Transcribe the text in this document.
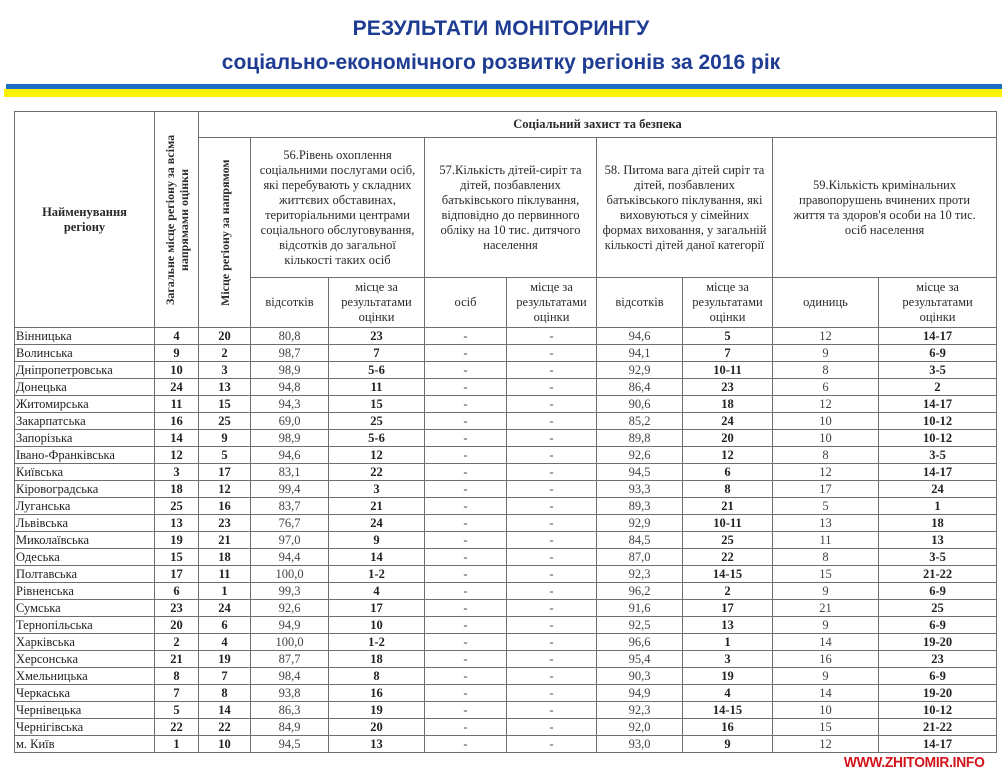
РЕЗУЛЬТАТИ МОНІТОРИНГУ
соціально-економічного розвитку регіонів за 2016 рік
Найменування регіону	Загальне місце регіону за всіма напрямами оцінки	Соціальний захист та безпека								

		Місце регіону за напрямом	56.Рівень охоплення соціальними послугами осіб, які перебувають у складних життєвих обставинах, територіальними центрами соціального обслуговування, відсотків до загальної кількості таких осіб		57.Кількість дітей-сиріт та дітей, позбавлених батьківського піклування, відповідно до первинного обліку на 10 тис. дитячого населення		58. Питома вага дітей сиріт та дітей, позбавлених батьківського піклування, які виховуються у сімейних формах виховання, у загальній кількості дітей даної категорії		59.Кількість кримінальних правопорушень вчинених проти життя та здоров'я особи на 10 тис. осіб населення	
			відсотків	місце за результатами оцінки	осіб	місце за результатами оцінки	відсотків	місце за результатами оцінки	одиниць	місце за результатами оцінки
Вінницька	4	20	80,8	23	-	-	94,6	5	12	14-17
Волинська	9	2	98,7	7	-	-	94,1	7	9	6-9
Дніпропетровська	10	3	98,9	5-6	-	-	92,9	10-11	8	3-5
Донецька	24	13	94,8	11	-	-	86,4	23	6	2
Житомирська	11	15	94,3	15	-	-	90,6	18	12	14-17
Закарпатська	16	25	69,0	25	-	-	85,2	24	10	10-12
Запорізька	14	9	98,9	5-6	-	-	89,8	20	10	10-12
Івано-Франківська	12	5	94,6	12	-	-	92,6	12	8	3-5
Київська	3	17	83,1	22	-	-	94,5	6	12	14-17
Кіровоградська	18	12	99,4	3	-	-	93,3	8	17	24
Луганська	25	16	83,7	21	-	-	89,3	21	5	1
Львівська	13	23	76,7	24	-	-	92,9	10-11	13	18
Миколаївська	19	21	97,0	9	-	-	84,5	25	11	13
Одеська	15	18	94,4	14	-	-	87,0	22	8	3-5
Полтавська	17	11	100,0	1-2	-	-	92,3	14-15	15	21-22
Рівненська	6	1	99,3	4	-	-	96,2	2	9	6-9
Сумська	23	24	92,6	17	-	-	91,6	17	21	25
Тернопільська	20	6	94,9	10	-	-	92,5	13	9	6-9
Харківська	2	4	100,0	1-2	-	-	96,6	1	14	19-20
Херсонська	21	19	87,7	18	-	-	95,4	3	16	23
Хмельницька	8	7	98,4	8	-	-	90,3	19	9	6-9
Черкаська	7	8	93,8	16	-	-	94,9	4	14	19-20
Чернівецька	5	14	86,3	19	-	-	92,3	14-15	10	10-12
Чернігівська	22	22	84,9	20	-	-	92,0	16	15	21-22
м. Київ	1	10	94,5	13	-	-	93,0	9	12	14-17
WWW.ZHITOMIR.INFO
